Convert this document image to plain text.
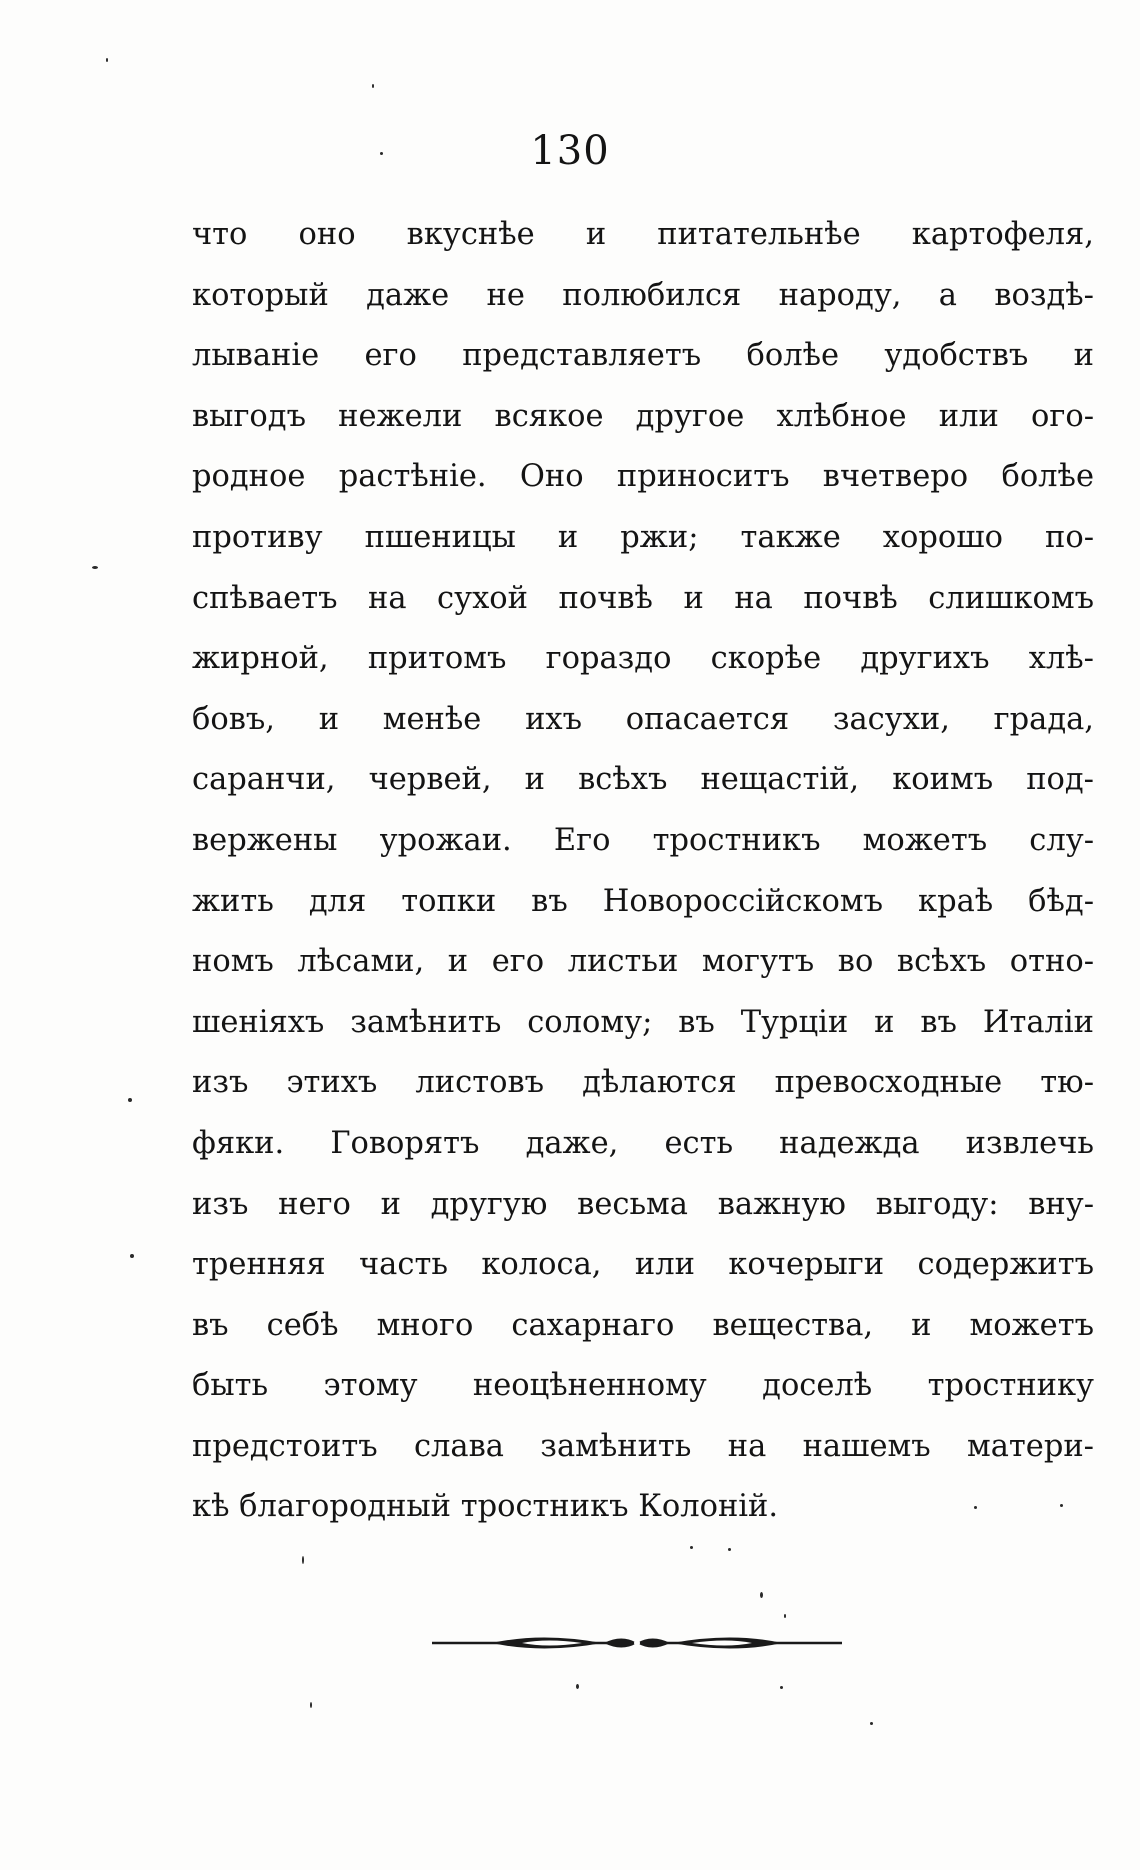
130
что оно вкуснѣе и питательнѣе картофеля,
который даже не полюбился народу, а воздѣ-
лываніе его представляетъ болѣе удобствъ и
выгодъ нежели всякое другое хлѣбное или ого-
родное растѣніе. Оно приноситъ вчетверо болѣе
противу пшеницы и ржи; также хорошо по-
спѣваетъ на сухой почвѣ и на почвѣ слишкомъ
жирной, притомъ гораздо скорѣе другихъ хлѣ-
бовъ, и менѣе ихъ опасается засухи, града,
саранчи, червей, и всѣхъ нещастій, коимъ под-
вержены урожаи. Его тростникъ можетъ слу-
жить для топки въ Новороссійскомъ краѣ бѣд-
номъ лѣсами, и его листьи могутъ во всѣхъ отно-
шеніяхъ замѣнить солому; въ Турціи и въ Италіи
изъ этихъ листовъ дѣлаются превосходные тю-
фяки. Говорятъ даже, есть надежда извлечь
изъ него и другую весьма важную выгоду: вну-
тренняя часть колоса, или кочерыги содержитъ
въ себѣ много сахарнаго вещества, и можетъ
быть этому неоцѣненному доселѣ тростнику
предстоитъ слава замѣнить на нашемъ матери-
кѣ благородный тростникъ Колоній.
